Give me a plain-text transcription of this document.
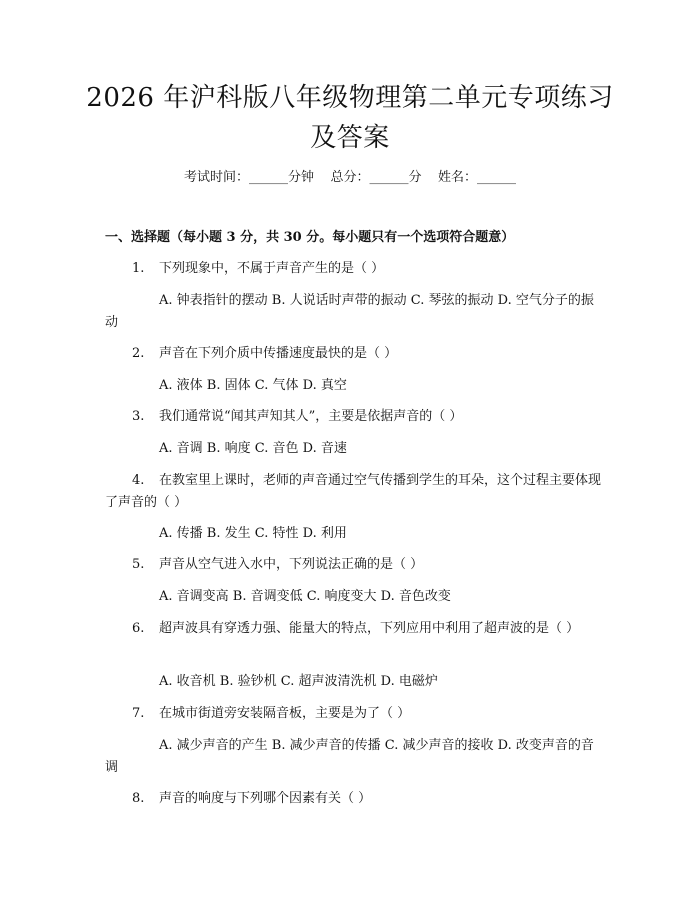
2026 年沪科版八年级物理第二单元专项练习
及答案
考试时间：______分钟    总分：______分    姓名：______
一、选择题（每小题 3 分，共 30 分。每小题只有一个选项符合题意）
1. 下列现象中，不属于声音产生的是（ ）
A. 钟表指针的摆动 B. 人说话时声带的振动 C. 琴弦的振动 D. 空气分子的振动
2. 声音在下列介质中传播速度最快的是（ ）
A. 液体 B. 固体 C. 气体 D. 真空
3. 我们通常说“闻其声知其人”，主要是依据声音的（ ）
A. 音调 B. 响度 C. 音色 D. 音速
4. 在教室里上课时，老师的声音通过空气传播到学生的耳朵，这个过程主要体现了声音的（ ）
A. 传播 B. 发生 C. 特性 D. 利用
5. 声音从空气进入水中，下列说法正确的是（ ）
A. 音调变高 B. 音调变低 C. 响度变大 D. 音色改变
6. 超声波具有穿透力强、能量大的特点，下列应用中利用了超声波的是（ ）
A. 收音机 B. 验钞机 C. 超声波清洗机 D. 电磁炉
7. 在城市街道旁安装隔音板，主要是为了（ ）
A. 减少声音的产生 B. 减少声音的传播 C. 减少声音的接收 D. 改变声音的音调
8. 声音的响度与下列哪个因素有关（ ）
